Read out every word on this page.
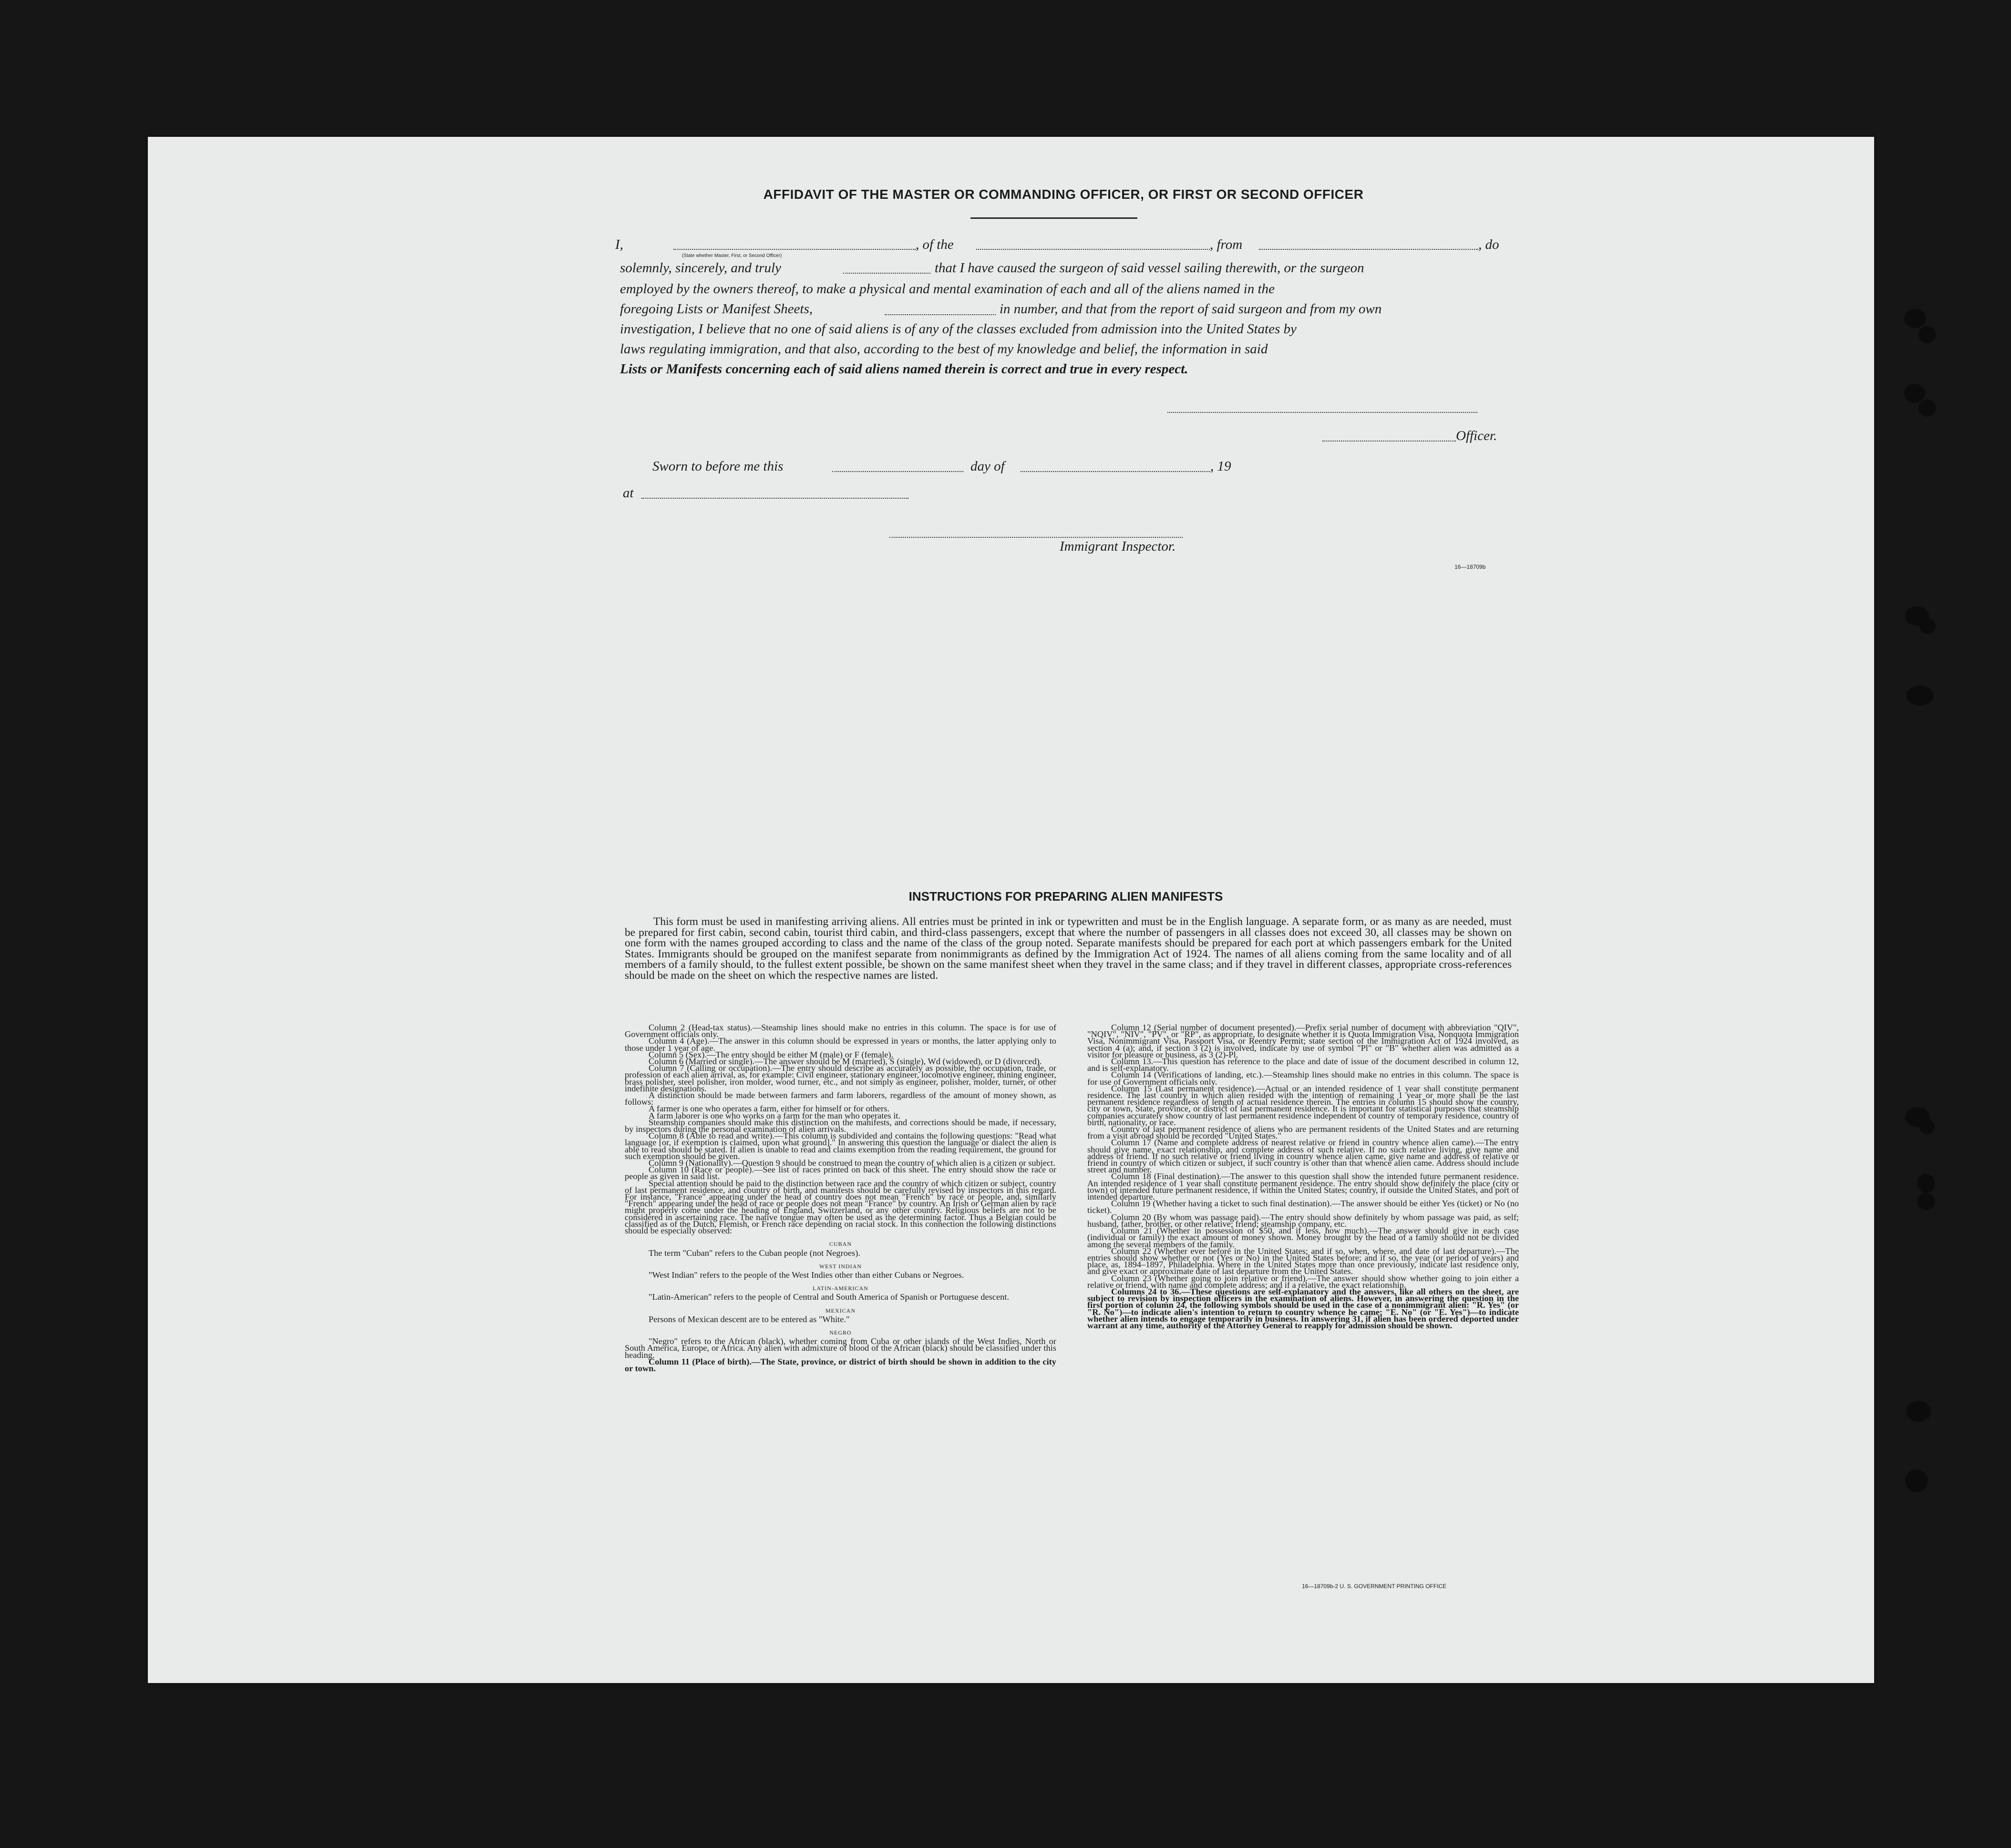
AFFIDAVIT OF THE MASTER OR COMMANDING OFFICER, OR FIRST OR SECOND OFFICER
I,	, of the	, from	, do
(State whether Master, First, or Second Officer)
solemnly, sincerely, and truly	that I have caused the surgeon of said vessel sailing therewith, or the surgeon
employed by the owners thereof, to make a physical and mental examination of each and all of the aliens named in the
foregoing Lists or Manifest Sheets,	in number, and that from the report of said surgeon and from my own
investigation, I believe that no one of said aliens is of any of the classes excluded from admission into the United States by
laws regulating immigration, and that also, according to the best of my knowledge and belief, the information in said
Lists or Manifests concerning each of said aliens named therein is correct and true in every respect.
Officer.
Sworn to before me this	day of	, 19
at
Immigrant Inspector.
16—18709b
INSTRUCTIONS FOR PREPARING ALIEN MANIFESTS

This form must be used in manifesting arriving aliens. All entries must be printed in ink or typewritten and must be in the English language. A separate form, or as many as are needed, must be prepared for first cabin, second cabin, tourist third cabin, and third-class passengers, except that where the number of passengers in all classes does not exceed 30, all classes may be shown on one form with the names grouped according to class and the name of the class of the group noted. Separate manifests should be prepared for each port at which passengers embark for the United States. Immigrants should be grouped on the manifest separate from nonimmigrants as defined by the Immigration Act of 1924. The names of all aliens coming from the same locality and of all members of a family should, to the fullest extent possible, be shown on the same manifest sheet when they travel in the same class; and if they travel in different classes, appropriate cross-references should be made on the sheet on which the respective names are listed.

Column 2 (Head-tax status).—Steamship lines should make no entries in this column. The space is for use of Government officials only.

Column 4 (Age).—The answer in this column should be expressed in years or months, the latter applying only to those under 1 year of age.

Column 5 (Sex).—The entry should be either M (male) or F (female).

Column 6 (Married or single).—The answer should be M (married), S (single), Wd (widowed), or D (divorced).

Column 7 (Calling or occupation).—The entry should describe as accurately as possible, the occupation, trade, or profession of each alien arrival, as, for example: Civil engineer, stationary engineer, locomotive engineer, mining engineer, brass polisher, steel polisher, iron molder, wood turner, etc., and not simply as engineer, polisher, molder, turner, or other indefinite designations.

A distinction should be made between farmers and farm laborers, regardless of the amount of money shown, as follows:

A farmer is one who operates a farm, either for himself or for others.

A farm laborer is one who works on a farm for the man who operates it.

Steamship companies should make this distinction on the manifests, and corrections should be made, if necessary, by inspectors during the personal examination of alien arrivals.

Column 8 (Able to read and write).—This column is subdivided and contains the following questions: "Read what language [or, if exemption is claimed, upon what ground]." In answering this question the language or dialect the alien is able to read should be stated. If alien is unable to read and claims exemption from the reading requirement, the ground for such exemption should be given.

Column 9 (Nationality).—Question 9 should be construed to mean the country of which alien is a citizen or subject.

Column 10 (Race or people).—See list of races printed on back of this sheet. The entry should show the race or people as given in said list.

Special attention should be paid to the distinction between race and the country of which citizen or subject, country of last permanent residence, and country of birth, and manifests should be carefully revised by inspectors in this regard. For instance, "France" appearing under the head of country does not mean "French" by race or people, and, similarly "French" appearing under the head of race or people does not mean "France" by country. An Irish or German alien by race might properly come under the heading of England, Switzerland, or any other country. Religious beliefs are not to be considered in ascertaining race. The native tongue may often be used as the determining factor. Thus a Belgian could be classified as of the Dutch, Flemish, or French race depending on racial stock. In this connection the following distinctions should be especially observed:

CUBAN

The term "Cuban" refers to the Cuban people (not Negroes).

WEST INDIAN

"West Indian" refers to the people of the West Indies other than either Cubans or Negroes.

LATIN-AMERICAN

"Latin-American" refers to the people of Central and South America of Spanish or Portuguese descent.

MEXICAN

Persons of Mexican descent are to be entered as "White."

NEGRO

"Negro" refers to the African (black), whether coming from Cuba or other islands of the West Indies, North or South America, Europe, or Africa. Any alien with admixture of blood of the African (black) should be classified under this heading.

Column 11 (Place of birth).—The State, province, or district of birth should be shown in addition to the city or town.

Column 12 (Serial number of document presented).—Prefix serial number of document with abbreviation "QIV", "NQIV", "NIV", "PV", or "RP", as appropriate, to designate whether it is Quota Immigration Visa, Nonquota Immigration Visa, Nonimmigrant Visa, Passport Visa, or Reentry Permit; state section of the Immigration Act of 1924 involved, as section 4 (a); and, if section 3 (2) is involved, indicate by use of symbol "Pl" or "B" whether alien was admitted as a visitor for pleasure or business, as 3 (2)-Pl.

Column 13.—This question has reference to the place and date of issue of the document described in column 12, and is self-explanatory.

Column 14 (Verifications of landing, etc.).—Steamship lines should make no entries in this column. The space is for use of Government officials only.

Column 15 (Last permanent residence).—Actual or an intended residence of 1 year shall constitute permanent residence. The last country in which alien resided with the intention of remaining 1 year or more shall be the last permanent residence regardless of length of actual residence therein. The entries in column 15 should show the country, city or town, State, province, or district of last permanent residence. It is important for statistical purposes that steamship companies accurately show country of last permanent residence independent of country of temporary residence, country of birth, nationality, or race.

Country of last permanent residence of aliens who are permanent residents of the United States and are returning from a visit abroad should be recorded "United States."

Column 17 (Name and complete address of nearest relative or friend in country whence alien came).—The entry should give name, exact relationship, and complete address of such relative. If no such relative living, give name and address of friend. If no such relative or friend living in country whence alien came, give name and address of relative or friend in country of which citizen or subject, if such country is other than that whence alien came. Address should include street and number.

Column 18 (Final destination).—The answer to this question shall show the intended future permanent residence. An intended residence of 1 year shall constitute permanent residence. The entry should show definitely the place (city or town) of intended future permanent residence, if within the United States; country, if outside the United States, and port of intended departure.

Column 19 (Whether having a ticket to such final destination).—The answer should be either Yes (ticket) or No (no ticket).

Column 20 (By whom was passage paid).—The entry should show definitely by whom passage was paid, as self; husband, father, brother, or other relative; friend; steamship company, etc.

Column 21 (Whether in possession of $50, and if less, how much).—The answer should give in each case (individual or family) the exact amount of money shown. Money brought by the head of a family should not be divided among the several members of the family.

Column 22 (Whether ever before in the United States; and if so, when, where, and date of last departure).—The entries should show whether or not (Yes or No) in the United States before; and if so, the year (or period of years) and place, as, 1894–1897, Philadelphia. Where in the United States more than once previously, indicate last residence only, and give exact or approximate date of last departure from the United States.

Column 23 (Whether going to join relative or friend).—The answer should show whether going to join either a relative or friend, with name and complete address; and if a relative, the exact relationship.

Columns 24 to 36.—These questions are self-explanatory and the answers, like all others on the sheet, are subject to revision by inspection officers in the examination of aliens. However, in answering the question in the first portion of column 24, the following symbols should be used in the case of a nonimmigrant alien: "R. Yes" (or "R. No")—to indicate alien's intention to return to country whence he came; "E. No" (or "E. Yes")—to indicate whether alien intends to engage temporarily in business. In answering 31, if alien has been ordered deported under warrant at any time, authority of the Attorney General to reapply for admission should be shown.

16—18709b-2 U. S. GOVERNMENT PRINTING OFFICE
